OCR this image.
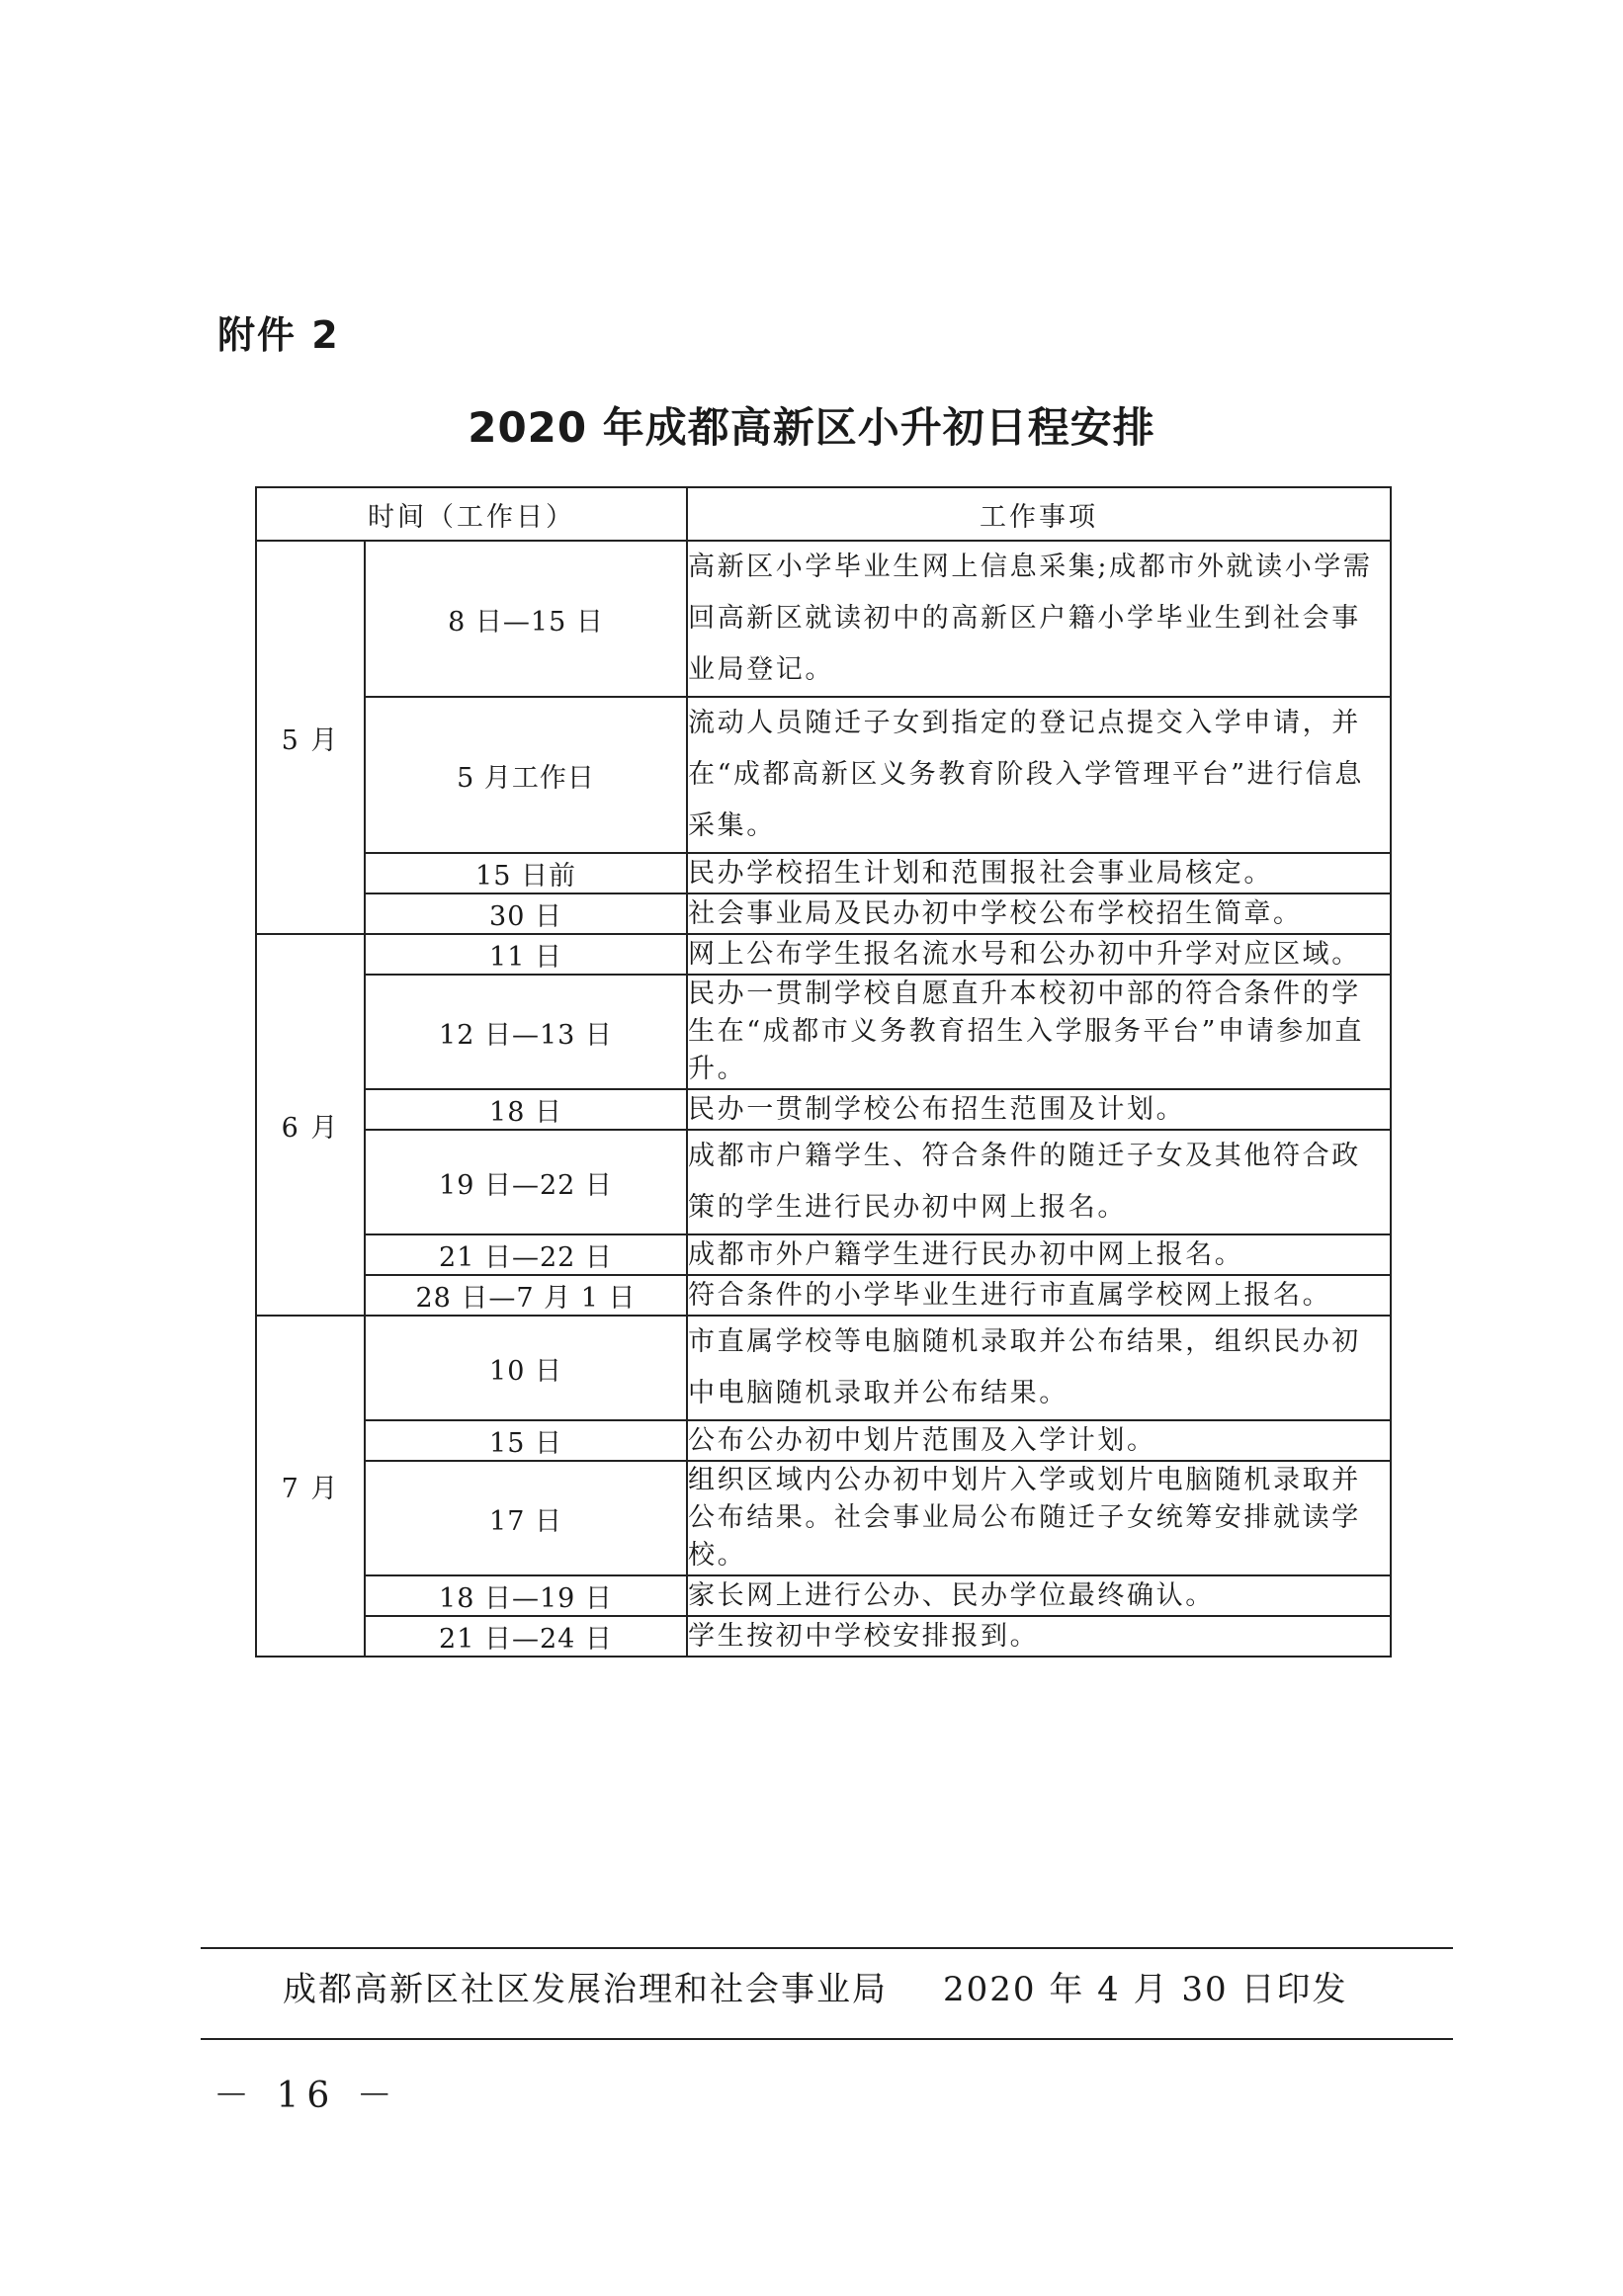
附件 2
2020 年成都高新区小升初日程安排
时间（工作日）		工作事项
5 月	8 日—15 日	高新区小学毕业生网上信息采集;成都市外就读小学需回高新区就读初中的高新区户籍小学毕业生到社会事业局登记。
	5 月工作日	流动人员随迁子女到指定的登记点提交入学申请，并在“成都高新区义务教育阶段入学管理平台”进行信息采集。
	15 日前	民办学校招生计划和范围报社会事业局核定。
	30 日	社会事业局及民办初中学校公布学校招生简章。
6 月	11 日	网上公布学生报名流水号和公办初中升学对应区域。
	12 日—13 日	民办一贯制学校自愿直升本校初中部的符合条件的学生在“成都市义务教育招生入学服务平台”申请参加直升。
	18 日	民办一贯制学校公布招生范围及计划。
	19 日—22 日	成都市户籍学生、符合条件的随迁子女及其他符合政策的学生进行民办初中网上报名。
	21 日—22 日	成都市外户籍学生进行民办初中网上报名。
	28 日—7 月 1 日	符合条件的小学毕业生进行市直属学校网上报名。
7 月	10 日	市直属学校等电脑随机录取并公布结果，组织民办初中电脑随机录取并公布结果。
	15 日	公布公办初中划片范围及入学计划。
	17 日	组织区域内公办初中划片入学或划片电脑随机录取并公布结果。社会事业局公布随迁子女统筹安排就读学校。
	18 日—19 日	家长网上进行公办、民办学位最终确认。
	21 日—24 日	学生按初中学校安排报到。
成都高新区社区发展治理和社会事业局 2020 年 4 月 30 日印发
－ 16 －
